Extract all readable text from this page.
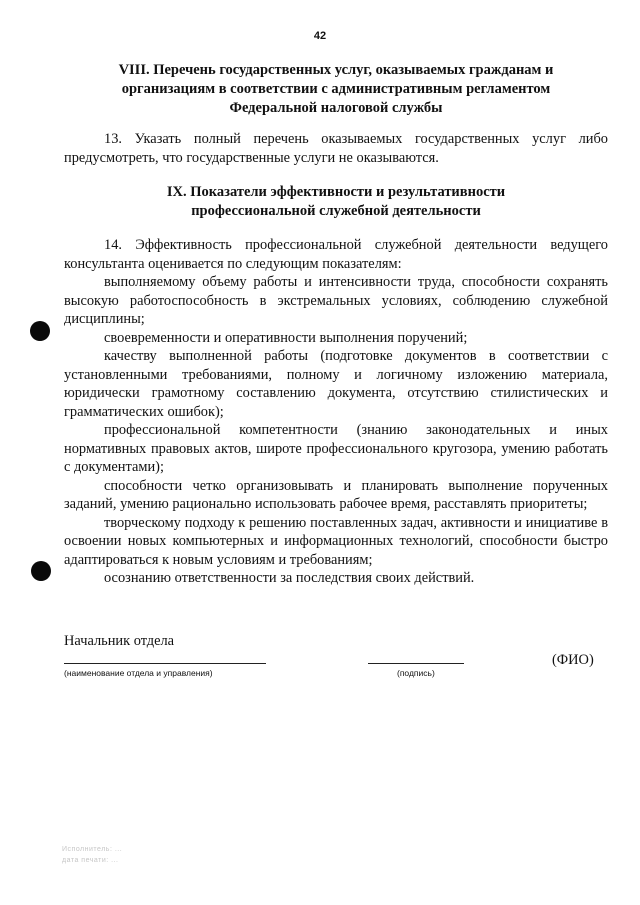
42
VIII. Перечень государственных услуг, оказываемых гражданам и
организациям в соответствии с административным регламентом
Федеральной налоговой службы

13. Указать полный перечень оказываемых государственных услуг либо предусмотреть, что государственные услуги не оказываются.

IX. Показатели эффективности и результативности
профессиональной служебной деятельности
14. Эффективность профессиональной служебной деятельности ведущего консультанта оценивается по следующим показателям:
выполняемому объему работы и интенсивности труда, способности сохранять высокую работоспособность в экстремальных условиях, соблюдению служебной дисциплины;
своевременности и оперативности выполнения поручений;
качеству выполненной работы (подготовке документов в соответствии с установленными требованиями, полному и логичному изложению материала, юридически грамотному составлению документа, отсутствию стилистических и грамматических ошибок);
профессиональной компетентности (знанию законодательных и иных нормативных правовых актов, широте профессионального кругозора, умению работать с документами);
способности четко организовывать и планировать выполнение порученных заданий, умению рационально использовать рабочее время, расставлять приоритеты;
творческому подходу к решению поставленных задач, активности и инициативе в освоении новых компьютерных и информационных технологий, способности быстро адаптироваться к новым условиям и требованиям;
осознанию ответственности за последствия своих действий.
Начальник отдела
(наименование отдела и управления)	(подпись)
(ФИО)
Исполнитель: ...
дата печати: ...
